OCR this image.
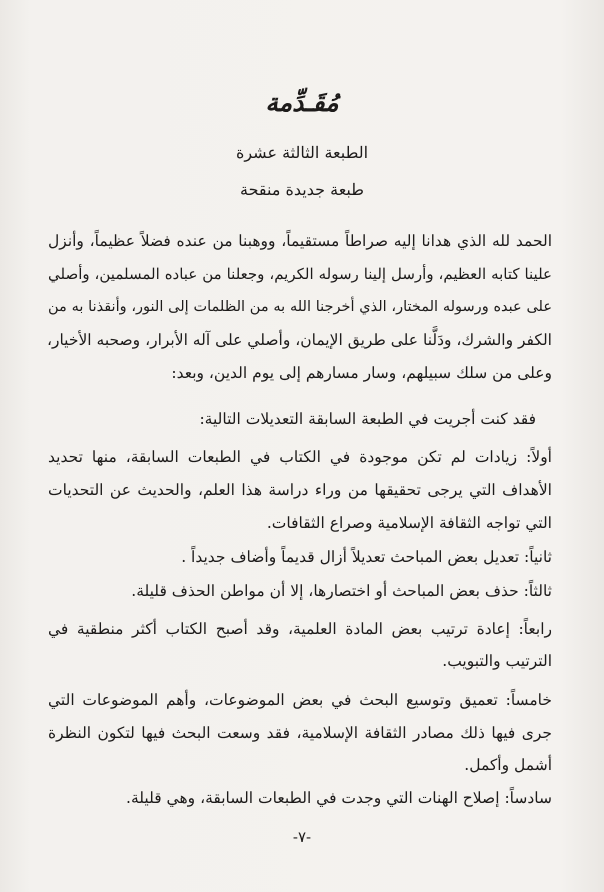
مُقَـدِّمة
الطبعة الثالثة عشرة
طبعة جديدة منقحة
الحمد لله الذي هدانا إليه صراطاً مستقيماً، ووهبنا من عنده فضلاً عظيماً، وأنزل
علينا كتابه العظيم، وأرسل إلينا رسوله الكريم، وجعلنا من عباده المسلمين، وأصلي
على عبده ورسوله المختار، الذي أخرجنا الله به من الظلمات إلى النور، وأنقذنا به من
الكفر والشرك، ودَلَّنا على طريق الإيمان، وأصلي على آله الأبرار، وصحبه الأخيار،
وعلى من سلك سبيلهم، وسار مسارهم إلى يوم الدين، وبعد:
فقد كنت أجريت في الطبعة السابقة التعديلات التالية:
أولاً: زيادات لم تكن موجودة في الكتاب في الطبعات السابقة، منها تحديد
الأهداف التي يرجى تحقيقها من وراء دراسة هذا العلم، والحديث عن التحديات
التي تواجه الثقافة الإسلامية وصراع الثقافات.
ثانياً: تعديل بعض المباحث تعديلاً أزال قديماً وأضاف جديداً .
ثالثاً: حذف بعض المباحث أو اختصارها، إلا أن مواطن الحذف قليلة.
رابعاً: إعادة ترتيب بعض المادة العلمية، وقد أصبح الكتاب أكثر منطقية في
الترتيب والتبويب.
خامساً: تعميق وتوسيع البحث في بعض الموضوعات، وأهم الموضوعات التي
جرى فيها ذلك مصادر الثقافة الإسلامية، فقد وسعت البحث فيها لتكون النظرة
أشمل وأكمل.
سادساً: إصلاح الهنات التي وجدت في الطبعات السابقة، وهي قليلة.
-٧-
